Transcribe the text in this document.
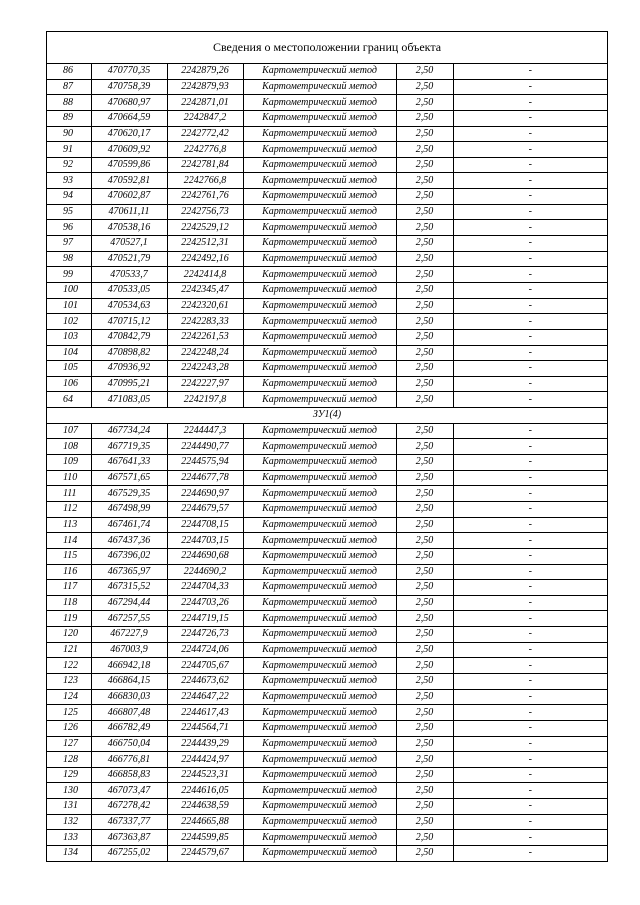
Сведения о местоположении границ объекта
86	470770,35	2242879,26	Картометрический метод	2,50	-
87	470758,39	2242879,93	Картометрический метод	2,50	-
88	470680,97	2242871,01	Картометрический метод	2,50	-
89	470664,59	2242847,2	Картометрический метод	2,50	-
90	470620,17	2242772,42	Картометрический метод	2,50	-
91	470609,92	2242776,8	Картометрический метод	2,50	-
92	470599,86	2242781,84	Картометрический метод	2,50	-
93	470592,81	2242766,8	Картометрический метод	2,50	-
94	470602,87	2242761,76	Картометрический метод	2,50	-
95	470611,11	2242756,73	Картометрический метод	2,50	-
96	470538,16	2242529,12	Картометрический метод	2,50	-
97	470527,1	2242512,31	Картометрический метод	2,50	-
98	470521,79	2242492,16	Картометрический метод	2,50	-
99	470533,7	2242414,8	Картометрический метод	2,50	-
100	470533,05	2242345,47	Картометрический метод	2,50	-
101	470534,63	2242320,61	Картометрический метод	2,50	-
102	470715,12	2242283,33	Картометрический метод	2,50	-
103	470842,79	2242261,53	Картометрический метод	2,50	-
104	470898,82	2242248,24	Картометрический метод	2,50	-
105	470936,92	2242243,28	Картометрический метод	2,50	-
106	470995,21	2242227,97	Картометрический метод	2,50	-
64	471083,05	2242197,8	Картометрический метод	2,50	-
ЗУ1(4)					
107	467734,24	2244447,3	Картометрический метод	2,50	-
108	467719,35	2244490,77	Картометрический метод	2,50	-
109	467641,33	2244575,94	Картометрический метод	2,50	-
110	467571,65	2244677,78	Картометрический метод	2,50	-
111	467529,35	2244690,97	Картометрический метод	2,50	-
112	467498,99	2244679,57	Картометрический метод	2,50	-
113	467461,74	2244708,15	Картометрический метод	2,50	-
114	467437,36	2244703,15	Картометрический метод	2,50	-
115	467396,02	2244690,68	Картометрический метод	2,50	-
116	467365,97	2244690,2	Картометрический метод	2,50	-
117	467315,52	2244704,33	Картометрический метод	2,50	-
118	467294,44	2244703,26	Картометрический метод	2,50	-
119	467257,55	2244719,15	Картометрический метод	2,50	-
120	467227,9	2244726,73	Картометрический метод	2,50	-
121	467003,9	2244724,06	Картометрический метод	2,50	-
122	466942,18	2244705,67	Картометрический метод	2,50	-
123	466864,15	2244673,62	Картометрический метод	2,50	-
124	466830,03	2244647,22	Картометрический метод	2,50	-
125	466807,48	2244617,43	Картометрический метод	2,50	-
126	466782,49	2244564,71	Картометрический метод	2,50	-
127	466750,04	2244439,29	Картометрический метод	2,50	-
128	466776,81	2244424,97	Картометрический метод	2,50	-
129	466858,83	2244523,31	Картометрический метод	2,50	-
130	467073,47	2244616,05	Картометрический метод	2,50	-
131	467278,42	2244638,59	Картометрический метод	2,50	-
132	467337,77	2244665,88	Картометрический метод	2,50	-
133	467363,87	2244599,85	Картометрический метод	2,50	-
134	467255,02	2244579,67	Картометрический метод	2,50	-
